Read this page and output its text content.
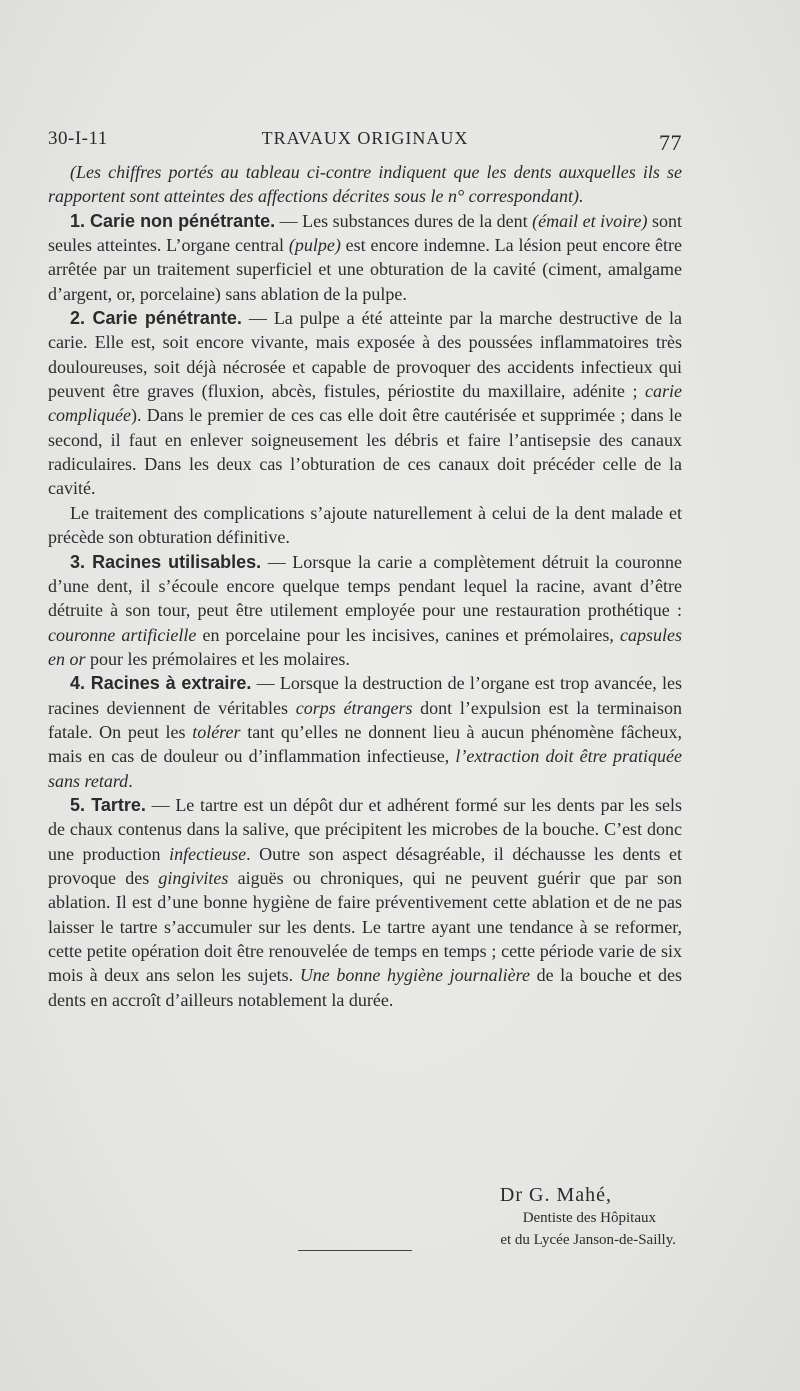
30-I-11	TRAVAUX ORIGINAUX	77

(Les chiffres portés au tableau ci-contre indiquent que les dents auxquelles ils se rapportent sont atteintes des affections décrites sous le n° correspondant).

1. Carie non pénétrante. — Les substances dures de la dent (émail et ivoire) sont seules atteintes. L’organe central (pulpe) est encore indemne. La lésion peut encore être arrêtée par un traitement superficiel et une obturation de la cavité (ciment, amalgame d’argent, or, porcelaine) sans ablation de la pulpe.

2. Carie pénétrante. — La pulpe a été atteinte par la marche destructive de la carie. Elle est, soit encore vivante, mais exposée à des poussées inflammatoires très douloureuses, soit déjà nécrosée et capable de provoquer des accidents infectieux qui peuvent être graves (fluxion, abcès, fistules, périostite du maxillaire, adénite ; carie compliquée). Dans le premier de ces cas elle doit être cautérisée et supprimée ; dans le second, il faut en enlever soigneusement les débris et faire l’antisepsie des canaux radiculaires. Dans les deux cas l’obturation de ces canaux doit précéder celle de la cavité.

Le traitement des complications s’ajoute naturellement à celui de la dent malade et précède son obturation définitive.

3. Racines utilisables. — Lorsque la carie a complètement détruit la couronne d’une dent, il s’écoule encore quelque temps pendant lequel la racine, avant d’être détruite à son tour, peut être utilement employée pour une restauration prothétique : couronne artificielle en porcelaine pour les incisives, canines et prémolaires, capsules en or pour les prémolaires et les molaires.

4. Racines à extraire. — Lorsque la destruction de l’organe est trop avancée, les racines deviennent de véritables corps étrangers dont l’expulsion est la terminaison fatale. On peut les tolérer tant qu’elles ne donnent lieu à aucun phénomène fâcheux, mais en cas de douleur ou d’inflammation infectieuse, l’extraction doit être pratiquée sans retard.

5. Tartre. — Le tartre est un dépôt dur et adhérent formé sur les dents par les sels de chaux contenus dans la salive, que précipitent les microbes de la bouche. C’est donc une production infectieuse. Outre son aspect désagréable, il déchausse les dents et provoque des gingivites aiguës ou chroniques, qui ne peuvent guérir que par son ablation. Il est d’une bonne hygiène de faire préventivement cette ablation et de ne pas laisser le tartre s’accumuler sur les dents. Le tartre ayant une tendance à se reformer, cette petite opération doit être renouvelée de temps en temps ; cette période varie de six mois à deux ans selon les sujets. Une bonne hygiène journalière de la bouche et des dents en accroît d’ailleurs notablement la durée.

Dr G. Mahé,
Dentiste des Hôpitaux
et du Lycée Janson-de-Sailly.
